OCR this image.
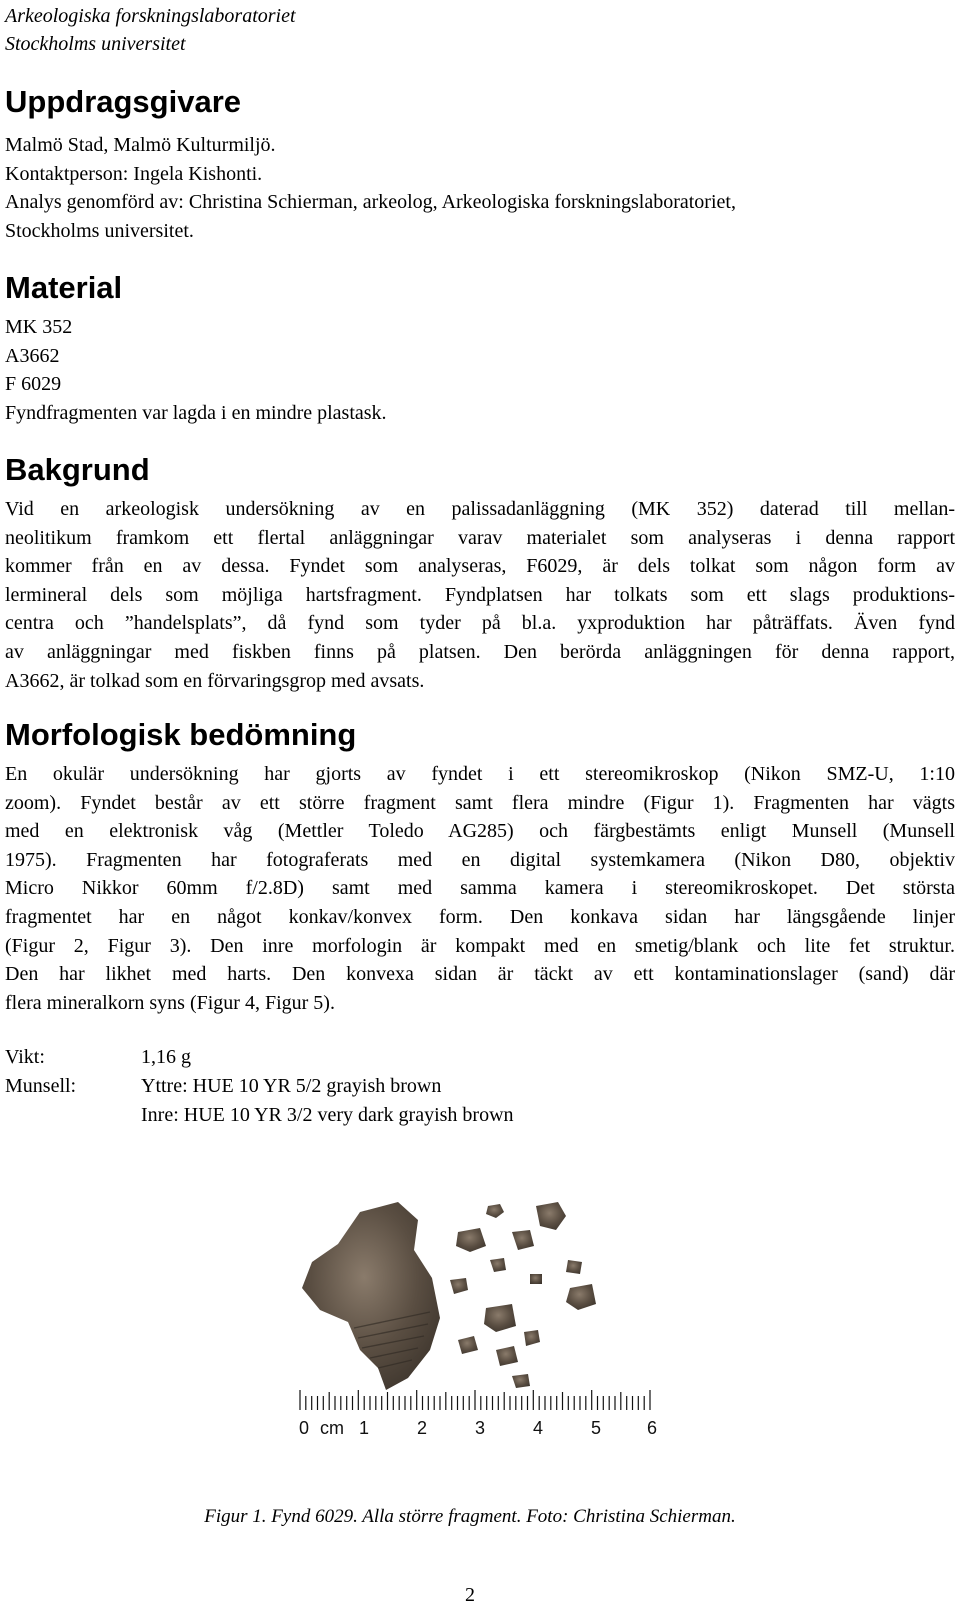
Arkeologiska forskningslaboratoriet
Stockholms universitet
Uppdragsgivare
Malmö Stad, Malmö Kulturmiljö.
Kontaktperson: Ingela Kishonti.
Analys genomförd av: Christina Schierman, arkeolog, Arkeologiska forskningslaboratoriet,
Stockholms universitet.
Material
MK 352
A3662
F 6029
Fyndfragmenten var lagda i en mindre plastask.
Bakgrund
Vid en arkeologisk undersökning av en palissadanläggning (MK 352) daterad till mellan-
neolitikum framkom ett flertal anläggningar varav materialet som analyseras i denna rapport
kommer från en av dessa. Fyndet som analyseras, F6029, är dels tolkat som någon form av
lermineral dels som möjliga hartsfragment. Fyndplatsen har tolkats som ett slags produktions-
centra och ”handelsplats”, då fynd som tyder på bl.a. yxproduktion har påträffats. Även fynd
av anläggningar med fiskben finns på platsen. Den berörda anläggningen för denna rapport,
A3662, är tolkad som en förvaringsgrop med avsats.
Morfologisk bedömning
En okulär undersökning har gjorts av fyndet i ett stereomikroskop (Nikon SMZ-U, 1:10
zoom). Fyndet består av ett större fragment samt flera mindre (Figur 1). Fragmenten har vägts
med en elektronisk våg (Mettler Toledo AG285) och färgbestämts enligt Munsell (Munsell
1975). Fragmenten har fotograferats med en digital systemkamera (Nikon D80, objektiv
Micro Nikkor 60mm f/2.8D) samt med samma kamera i stereomikroskopet. Det största
fragmentet har en något konkav/konvex form. Den konkava sidan har längsgående linjer
(Figur 2, Figur 3). Den inre morfologin är kompakt med en smetig/blank och lite fet struktur.
Den har likhet med harts. Den konvexa sidan är täckt av ett kontaminationslager (sand) där
flera mineralkorn syns (Figur 4, Figur 5).
Vikt:	1,16 g
Munsell:	Yttre: HUE 10 YR 5/2 grayish brown
Inre: HUE 10 YR 3/2 very dark grayish brown
0 cm 1	2	3	4	5	6
Figur 1. Fynd 6029. Alla större fragment. Foto: Christina Schierman.
2
